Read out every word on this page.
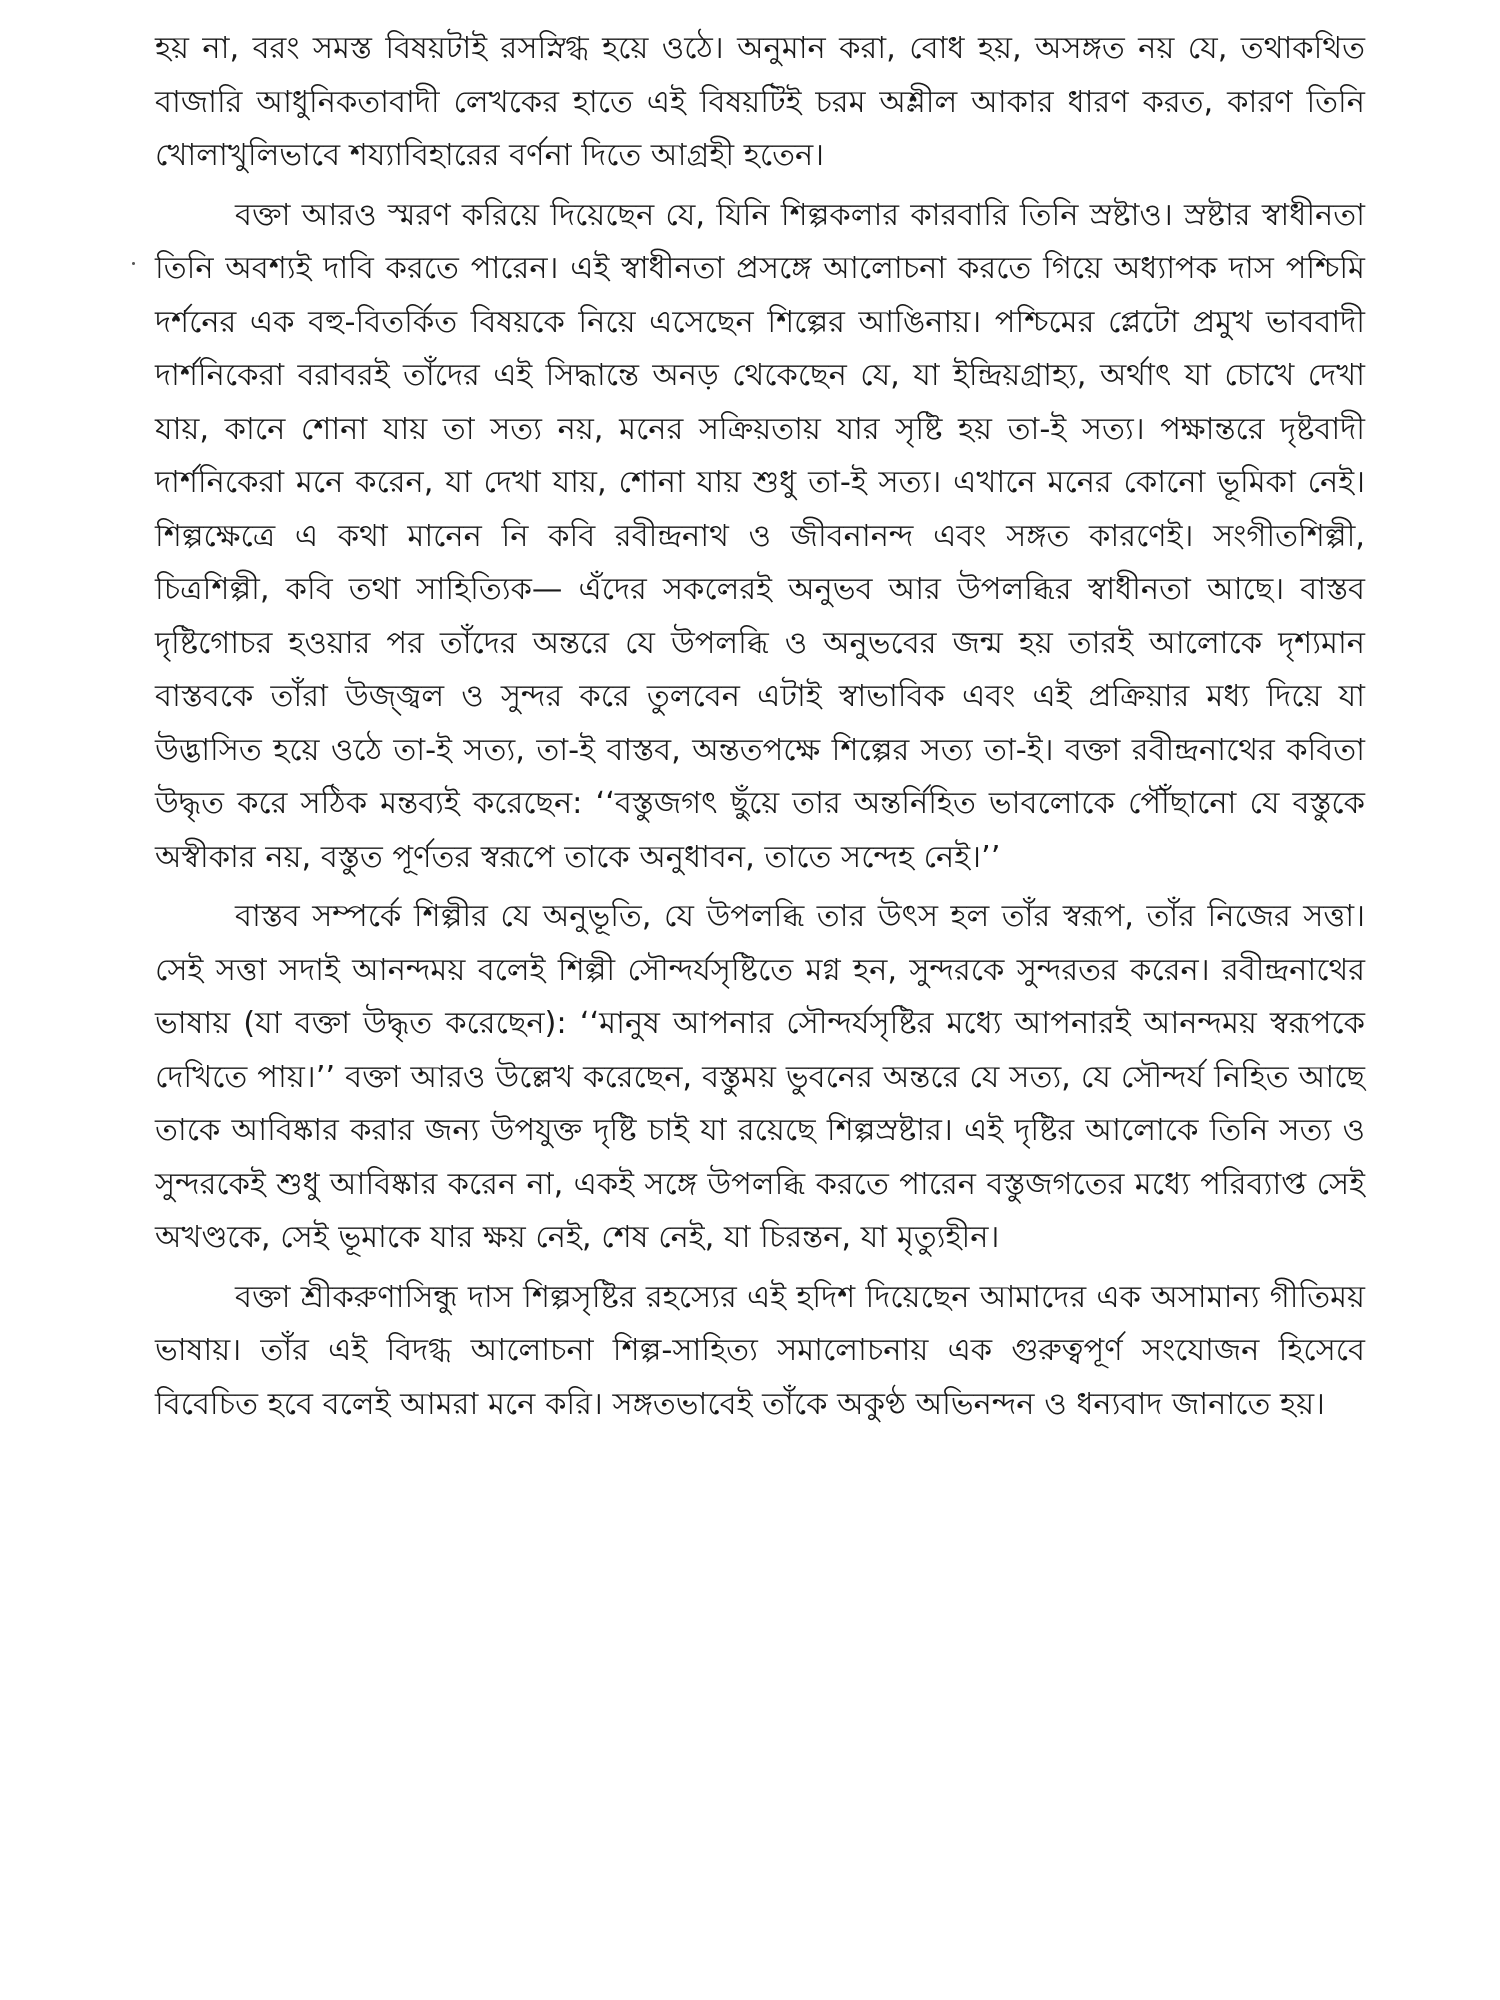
হয় না, বরং সমস্ত বিষয়টাই রসস্নিগ্ধ হয়ে ওঠে। অনুমান করা, বোধ হয়, অসঙ্গত নয় যে, তথাকথিত বাজারি আধুনিকতাবাদী লেখকের হাতে এই বিষয়টিই চরম অশ্লীল আকার ধারণ করত, কারণ তিনি খোলাখুলিভাবে শয্যাবিহারের বর্ণনা দিতে আগ্রহী হতেন।

বক্তা আরও স্মরণ করিয়ে দিয়েছেন যে, যিনি শিল্পকলার কারবারি তিনি স্রষ্টাও। স্রষ্টার স্বাধীনতা তিনি অবশ্যই দাবি করতে পারেন। এই স্বাধীনতা প্রসঙ্গে আলোচনা করতে গিয়ে অধ্যাপক দাস পশ্চিমি দর্শনের এক বহু-বিতর্কিত বিষয়কে নিয়ে এসেছেন শিল্পের আঙিনায়। পশ্চিমের প্লেটো প্রমুখ ভাববাদী দার্শনিকেরা বরাবরই তাঁদের এই সিদ্ধান্তে অনড় থেকেছেন যে, যা ইন্দ্রিয়গ্রাহ্য, অর্থাৎ যা চোখে দেখা যায়, কানে শোনা যায় তা সত্য নয়, মনের সক্রিয়তায় যার সৃষ্টি হয় তা-ই সত্য। পক্ষান্তরে দৃষ্টবাদী দার্শনিকেরা মনে করেন, যা দেখা যায়, শোনা যায় শুধু তা-ই সত্য। এখানে মনের কোনো ভূমিকা নেই। শিল্পক্ষেত্রে এ কথা মানেন নি কবি রবীন্দ্রনাথ ও জীবনানন্দ এবং সঙ্গত কারণেই। সংগীতশিল্পী, চিত্রশিল্পী, কবি তথা সাহিত্যিক— এঁদের সকলেরই অনুভব আর উপলব্ধির স্বাধীনতা আছে। বাস্তব দৃষ্টিগোচর হওয়ার পর তাঁদের অন্তরে যে উপলব্ধি ও অনুভবের জন্ম হয় তারই আলোকে দৃশ্যমান বাস্তবকে তাঁরা উজ্জ্বল ও সুন্দর করে তুলবেন এটাই স্বাভাবিক এবং এই প্রক্রিয়ার মধ্য দিয়ে যা উদ্ভাসিত হয়ে ওঠে তা-ই সত্য, তা-ই বাস্তব, অন্ততপক্ষে শিল্পের সত্য তা-ই। বক্তা রবীন্দ্রনাথের কবিতা উদ্ধৃত করে সঠিক মন্তব্যই করেছেন: ‘‘বস্তুজগৎ ছুঁয়ে তার অন্তর্নিহিত ভাবলোকে পৌঁছানো যে বস্তুকে অস্বীকার নয়, বস্তুত পূর্ণতর স্বরূপে তাকে অনুধাবন, তাতে সন্দেহ নেই।’’

বাস্তব সম্পর্কে শিল্পীর যে অনুভূতি, যে উপলব্ধি তার উৎস হল তাঁর স্বরূপ, তাঁর নিজের সত্তা। সেই সত্তা সদাই আনন্দময় বলেই শিল্পী সৌন্দর্যসৃষ্টিতে মগ্ন হন, সুন্দরকে সুন্দরতর করেন। রবীন্দ্রনাথের ভাষায় (যা বক্তা উদ্ধৃত করেছেন): ‘‘মানুষ আপনার সৌন্দর্যসৃষ্টির মধ্যে আপনারই আনন্দময় স্বরূপকে দেখিতে পায়।’’ বক্তা আরও উল্লেখ করেছেন, বস্তুময় ভুবনের অন্তরে যে সত্য, যে সৌন্দর্য নিহিত আছে তাকে আবিষ্কার করার জন্য উপযুক্ত দৃষ্টি চাই যা রয়েছে শিল্পস্রষ্টার। এই দৃষ্টির আলোকে তিনি সত্য ও সুন্দরকেই শুধু আবিষ্কার করেন না, একই সঙ্গে উপলব্ধি করতে পারেন বস্তুজগতের মধ্যে পরিব্যাপ্ত সেই অখণ্ডকে, সেই ভূমাকে যার ক্ষয় নেই, শেষ নেই, যা চিরন্তন, যা মৃত্যুহীন।

বক্তা শ্রীকরুণাসিন্ধু দাস শিল্পসৃষ্টির রহস্যের এই হদিশ দিয়েছেন আমাদের এক অসামান্য গীতিময় ভাষায়। তাঁর এই বিদগ্ধ আলোচনা শিল্প-সাহিত্য সমালোচনায় এক গুরুত্বপূর্ণ সংযোজন হিসেবে বিবেচিত হবে বলেই আমরা মনে করি। সঙ্গতভাবেই তাঁকে অকুণ্ঠ অভিনন্দন ও ধন্যবাদ জানাতে হয়।
